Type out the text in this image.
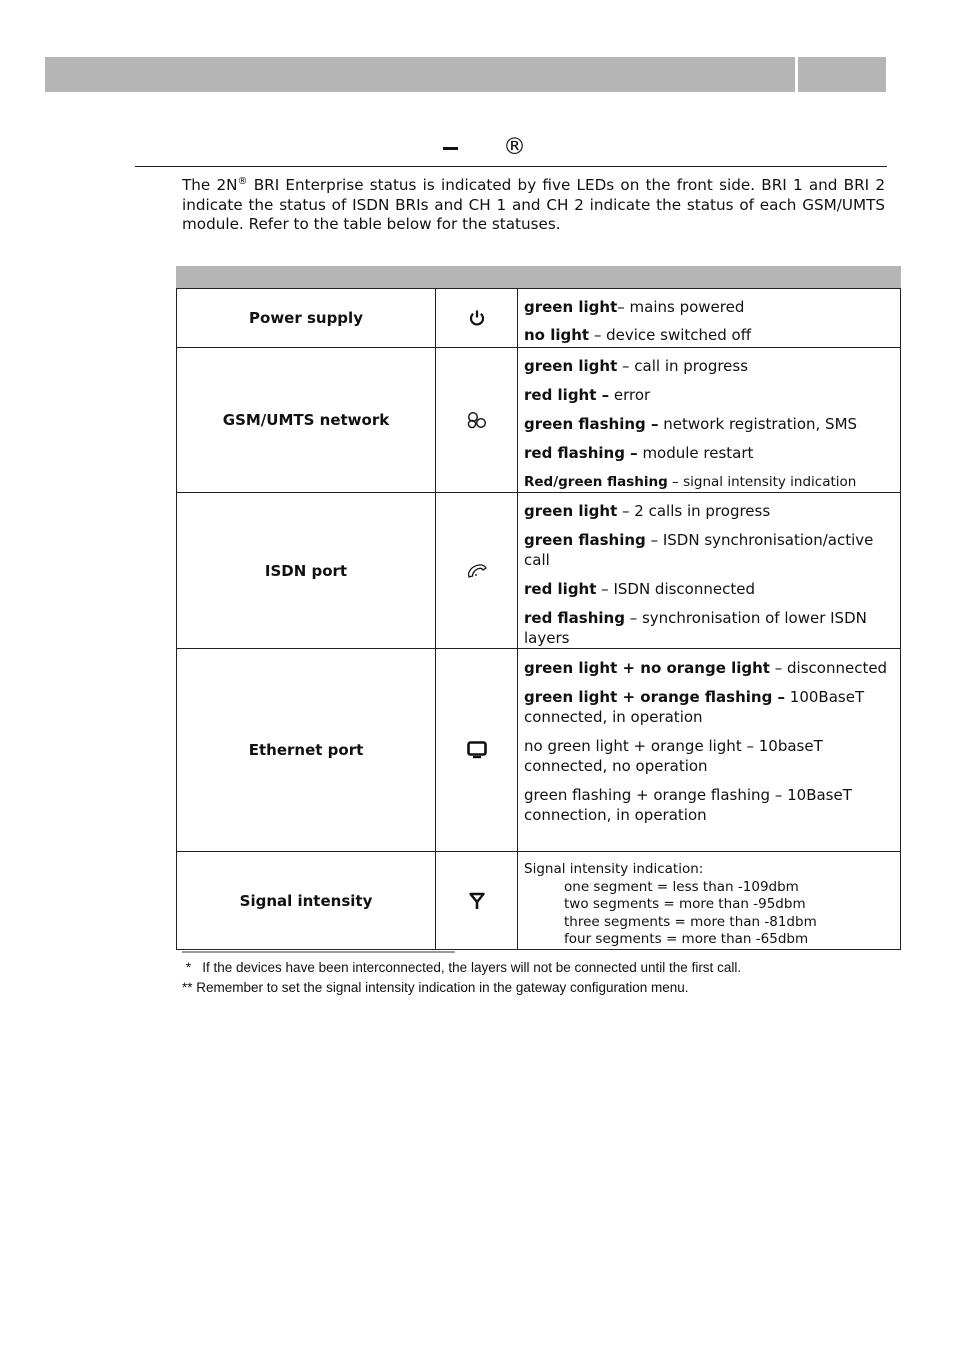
®
The 2N® BRI Enterprise status is indicated by five LEDs on the front side. BRI 1 and BRI 2 indicate the status of ISDN BRIs and CH 1 and CH 2 indicate the status of each GSM/UMTS module. Refer to the table below for the statuses.
Power supply		green light– mains powered
no light – device switched off

GSM/UMTS network		green light – call in progress
red light – error
green flashing – network registration, SMS
red flashing – module restart
Red/green flashing – signal intensity indication

ISDN port		green light – 2 calls in progress
green flashing – ISDN synchronisation/active call
red light – ISDN disconnected
red flashing – synchronisation of lower ISDN layers

Ethernet port		green light + no orange light – disconnected
green light + orange flashing – 100BaseT connected, in operation
no green light + orange light – 10baseT connected, no operation
green flashing + orange flashing – 10BaseT connection, in operation

Signal intensity		Signal intensity indication:
one segment = less than -109dbm
two segments = more than -95dbm
three segments = more than -81dbm
four segments = more than -65dbm
*   If the devices have been interconnected, the layers will not be connected until the first call.
** Remember to set the signal intensity indication in the gateway configuration menu.
